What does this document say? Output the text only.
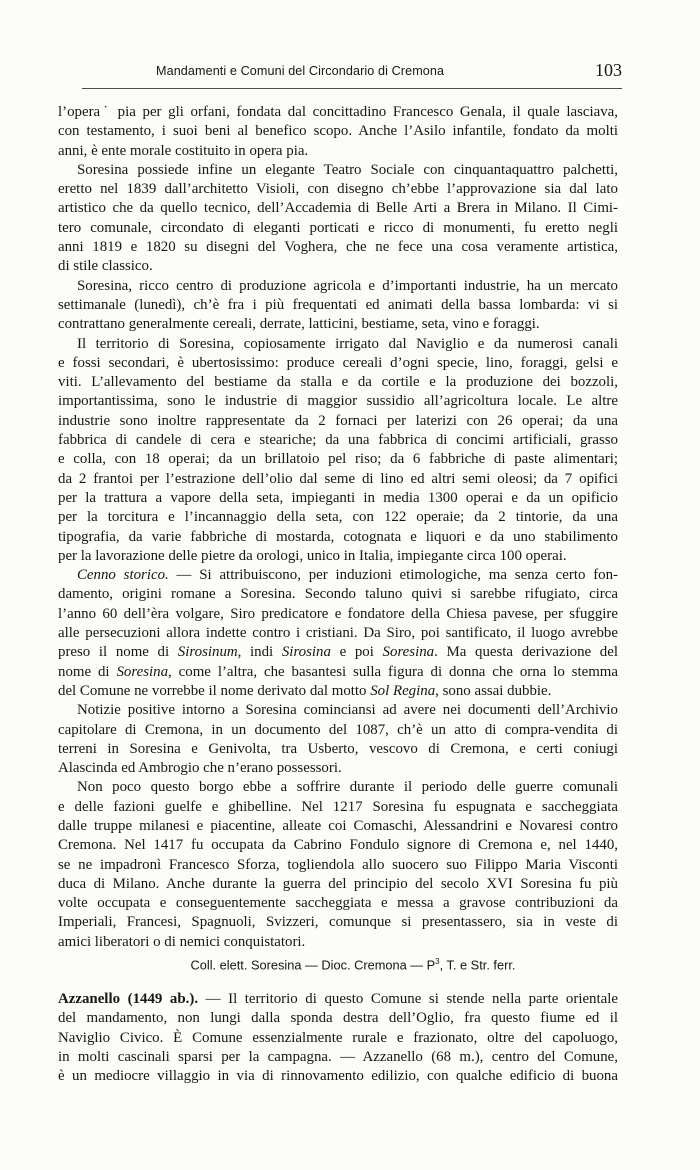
Mandamenti e Comuni del Circondario di Cremona	103
l’opera˙ pia per gli orfani, fondata dal concittadino Francesco Genala, il quale lasciava,
con testamento, i suoi beni al benefico scopo. Anche l’Asilo infantile, fondato da molti
anni, è ente morale costituito in opera pia.
Soresina possiede infine un elegante Teatro Sociale con cinquantaquattro palchetti,
eretto nel 1839 dall’architetto Visioli, con disegno ch’ebbe l’approvazione sia dal lato
artistico che da quello tecnico, dell’Accademia di Belle Arti a Brera in Milano. Il Cimi-
tero comunale, circondato di eleganti porticati e ricco di monumenti, fu eretto negli
anni 1819 e 1820 su disegni del Voghera, che ne fece una cosa veramente artistica,
di stile classico.
Soresina, ricco centro di produzione agricola e d’importanti industrie, ha un mercato
settimanale (lunedì), ch’è fra i più frequentati ed animati della bassa lombarda: vi si
contrattano generalmente cereali, derrate, latticini, bestiame, seta, vino e foraggi.
Il territorio di Soresina, copiosamente irrigato dal Naviglio e da numerosi canali
e fossi secondari, è ubertosissimo: produce cereali d’ogni specie, lino, foraggi, gelsi e
viti. L’allevamento del bestiame da stalla e da cortile e la produzione dei bozzoli,
importantissima, sono le industrie di maggior sussidio all’agricoltura locale. Le altre
industrie sono inoltre rappresentate da 2 fornaci per laterizi con 26 operai; da una
fabbrica di candele di cera e steariche; da una fabbrica di concimi artificiali, grasso
e colla, con 18 operai; da un brillatoio pel riso; da 6 fabbriche di paste alimentari;
da 2 frantoi per l’estrazione dell’olio dal seme di lino ed altri semi oleosi; da 7 opifici
per la trattura a vapore della seta, impieganti in media 1300 operai e da un opificio
per la torcitura e l’incannaggio della seta, con 122 operaie; da 2 tintorie, da una
tipografia, da varie fabbriche di mostarda, cotognata e liquori e da uno stabilimento
per la lavorazione delle pietre da orologi, unico in Italia, impiegante circa 100 operai.
Cenno storico. — Si attribuiscono, per induzioni etimologiche, ma senza certo fon-
damento, origini romane a Soresina. Secondo taluno quivi si sarebbe rifugiato, circa
l’anno 60 dell’èra volgare, Siro predicatore e fondatore della Chiesa pavese, per sfuggire
alle persecuzioni allora indette contro i cristiani. Da Siro, poi santificato, il luogo avrebbe
preso il nome di Sirosinum, indi Sirosina e poi Soresina. Ma questa derivazione del
nome di Soresina, come l’altra, che basantesi sulla figura di donna che orna lo stemma
del Comune ne vorrebbe il nome derivato dal motto Sol Regina, sono assai dubbie.
Notizie positive intorno a Soresina cominciansi ad avere nei documenti dell’Archivio
capitolare di Cremona, in un documento del 1087, ch’è un atto di compra-vendita di
terreni in Soresina e Genivolta, tra Usberto, vescovo di Cremona, e certi coniugi
Alascinda ed Ambrogio che n’erano possessori.
Non poco questo borgo ebbe a soffrire durante il periodo delle guerre comunali
e delle fazioni guelfe e ghibelline. Nel 1217 Soresina fu espugnata e saccheggiata
dalle truppe milanesi e piacentine, alleate coi Comaschi, Alessandrini e Novaresi contro
Cremona. Nel 1417 fu occupata da Cabrino Fondulo signore di Cremona e, nel 1440,
se ne impadronì Francesco Sforza, togliendola allo suocero suo Filippo Maria Visconti
duca di Milano. Anche durante la guerra del principio del secolo XVI Soresina fu più
volte occupata e conseguentemente saccheggiata e messa a gravose contribuzioni da
Imperiali, Francesi, Spagnuoli, Svizzeri, comunque si presentassero, sia in veste di
amici liberatori o di nemici conquistatori.
Coll. elett. Soresina — Dioc. Cremona — $P^3$, T. e Str. ferr.
Azzanello (1449 ab.). — Il territorio di questo Comune si stende nella parte orientale
del mandamento, non lungi dalla sponda destra dell’Oglio, fra questo fiume ed il
Naviglio Civico. È Comune essenzialmente rurale e frazionato, oltre del capoluogo,
in molti cascinali sparsi per la campagna. — Azzanello (68 m.), centro del Comune,
è un mediocre villaggio in via di rinnovamento edilizio, con qualche edificio di buona
